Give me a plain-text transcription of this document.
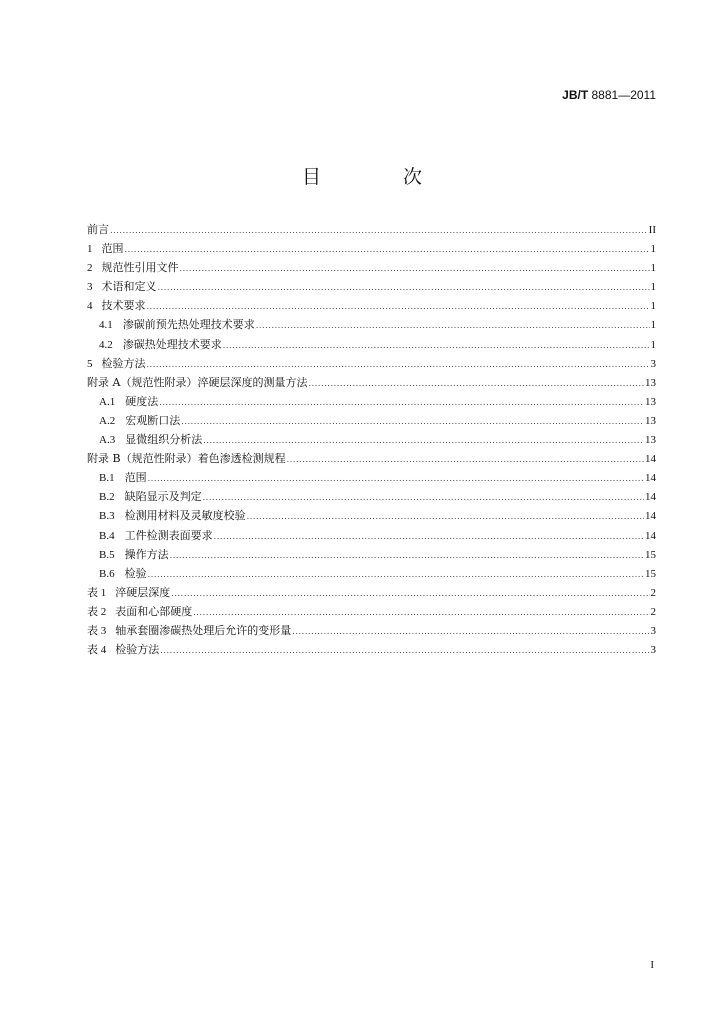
JB/T 8881—2011
目 次
前言 .....	II
1 范围 .....	1
2 规范性引用文件 .....	1
3 术语和定义 .....	1
4 技术要求 .....	1
4.1 渗碳前预先热处理技术要求 .....	1
4.2 渗碳热处理技术要求 .....	1
5 检验方法 .....	3
附录 A（规范性附录）淬硬层深度的测量方法 .....	13
A.1 硬度法 .....	13
A.2 宏观断口法 .....	13
A.3 显微组织分析法 .....	13
附录 B（规范性附录）着色渗透检测规程 .....	14
B.1 范围 .....	14
B.2 缺陷显示及判定 .....	14
B.3 检测用材料及灵敏度校验 .....	14
B.4 工件检测表面要求 .....	14
B.5 操作方法 .....	15
B.6 检验 .....	15
表 1 淬硬层深度 .....	2
表 2 表面和心部硬度 .....	2
表 3 轴承套圈渗碳热处理后允许的变形量 .....	3
表 4 检验方法 .....	3
I
